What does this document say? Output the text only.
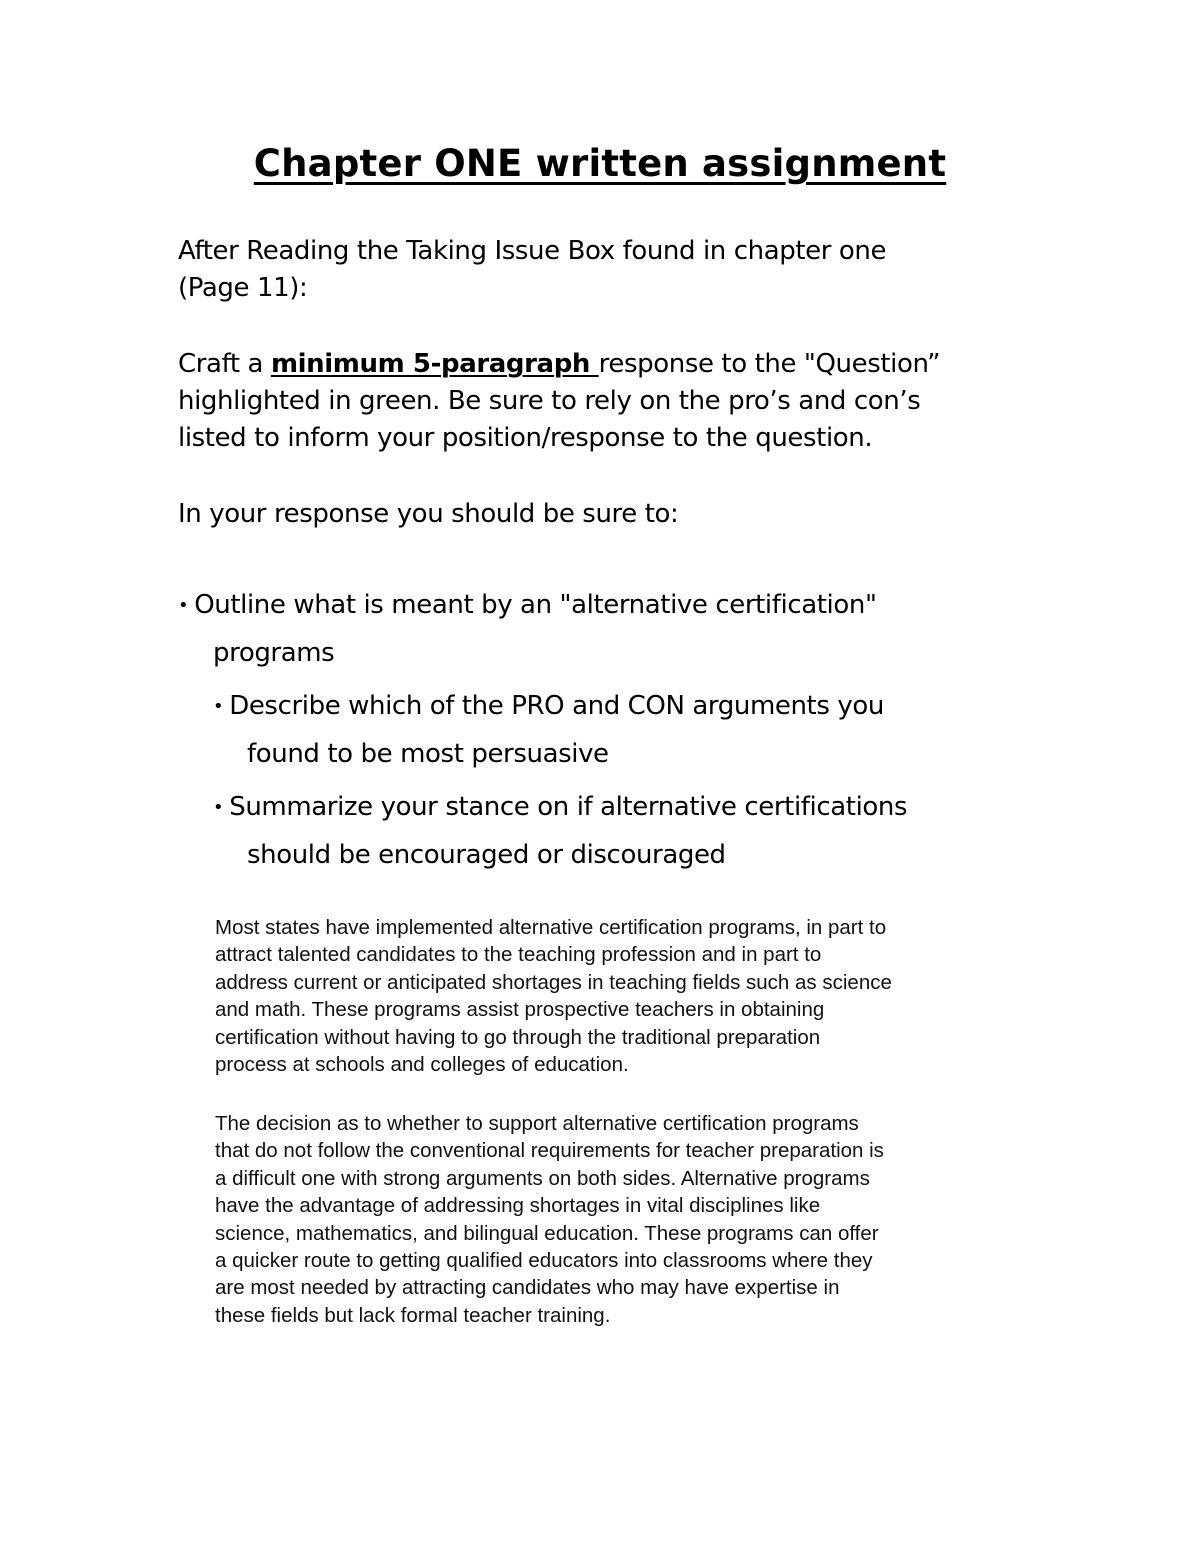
Chapter ONE written assignment
After Reading the Taking Issue Box found in chapter one
(Page 11):
Craft a minimum 5-paragraph response to the "Question”
highlighted in green. Be sure to rely on the pro’s and con’s
listed to inform your position/response to the question.
In your response you should be sure to:
• Outline what is meant by an "alternative certification"
programs
• Describe which of the PRO and CON arguments you
found to be most persuasive
• Summarize your stance on if alternative certifications
should be encouraged or discouraged
Most states have implemented alternative certification programs, in part to
attract talented candidates to the teaching profession and in part to
address current or anticipated shortages in teaching fields such as science
and math. These programs assist prospective teachers in obtaining
certification without having to go through the traditional preparation
process at schools and colleges of education.
The decision as to whether to support alternative certification programs
that do not follow the conventional requirements for teacher preparation is
a difficult one with strong arguments on both sides. Alternative programs
have the advantage of addressing shortages in vital disciplines like
science, mathematics, and bilingual education. These programs can offer
a quicker route to getting qualified educators into classrooms where they
are most needed by attracting candidates who may have expertise in
these fields but lack formal teacher training.
